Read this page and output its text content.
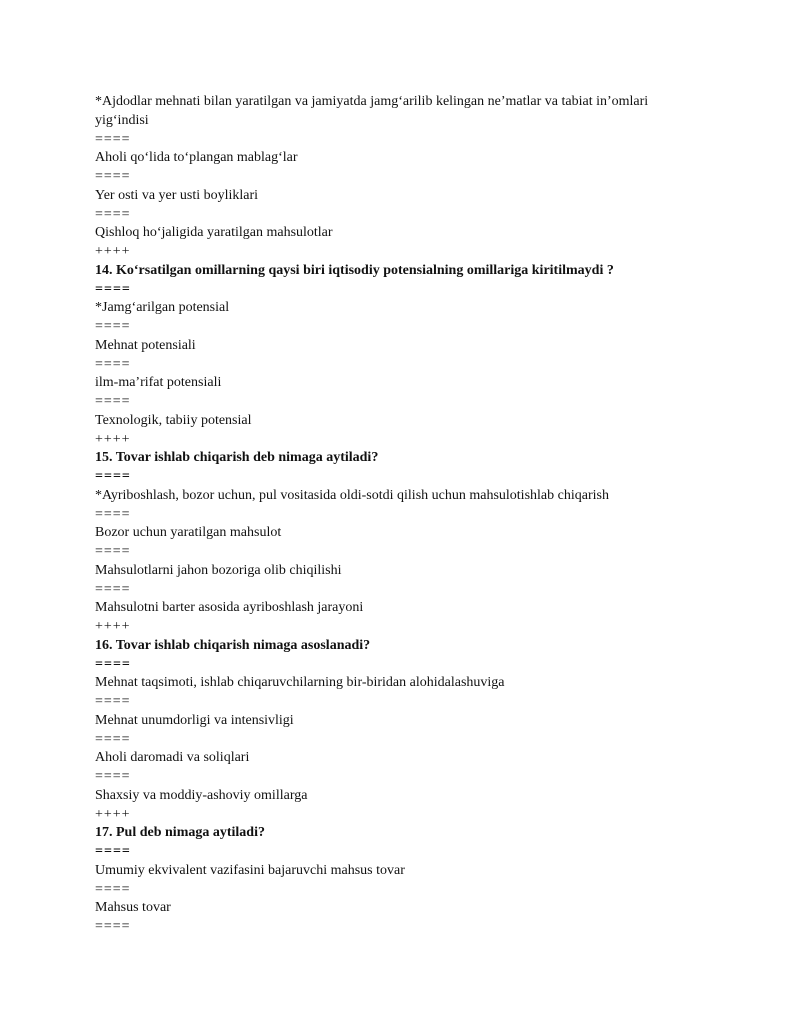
*Ajdodlar mehnati bilan yaratilgan va jamiyatda jamg‘arilib kelingan ne’matlar va tabiat in’omlari yig‘indisi

====

Aholi qo‘lida to‘plangan mablag‘lar

====

Yer osti va yer usti boyliklari

====

Qishloq ho‘jaligida yaratilgan mahsulotlar

++++

14. Ko‘rsatilgan omillarning qaysi biri iqtisodiy potensialning omillariga kiritilmaydi ?

====

*Jamg‘arilgan potensial

====

Mehnat potensiali

====

ilm-ma’rifat potensiali

====

Texnologik, tabiiy potensial

++++

15. Tovar ishlab chiqarish deb nimaga aytiladi?

====

*Ayriboshlash, bozor uchun, pul vositasida oldi-sotdi qilish uchun mahsulotishlab chiqarish

====

Bozor uchun yaratilgan mahsulot

====

Mahsulotlarni jahon bozoriga olib chiqilishi

====

Mahsulotni barter asosida ayriboshlash jarayoni

++++

16. Tovar ishlab chiqarish nimaga asoslanadi?

====

Mehnat taqsimoti, ishlab chiqaruvchilarning bir-biridan alohidalashuviga

====

Mehnat unumdorligi va intensivligi

====

Aholi daromadi va soliqlari

====

Shaxsiy va moddiy-ashoviy omillarga

++++

17. Pul deb nimaga aytiladi?

====

Umumiy ekvivalent vazifasini bajaruvchi mahsus tovar

====

Mahsus tovar

====
